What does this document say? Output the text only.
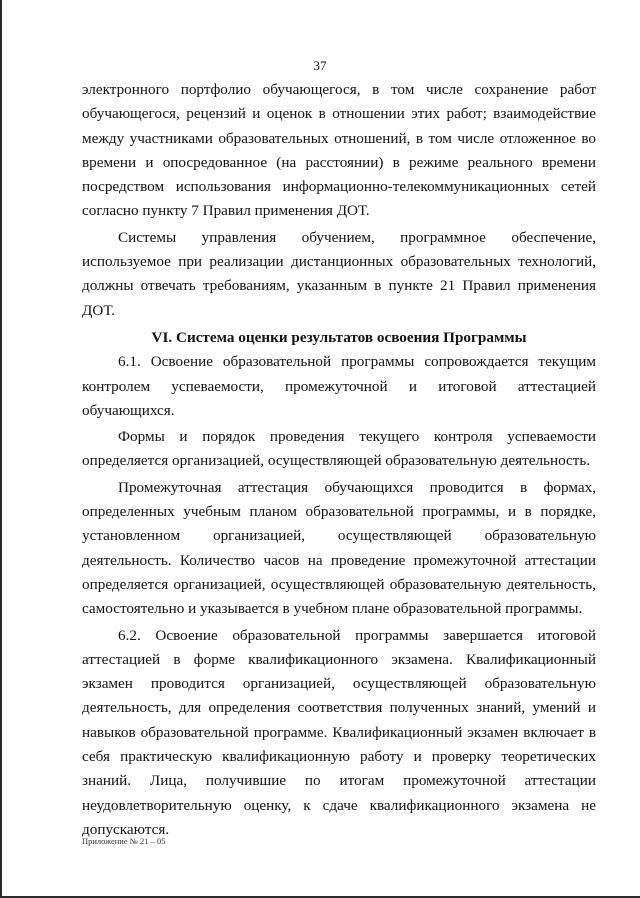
37

электронного портфолио обучающегося, в том числе сохранение работ обучающегося, рецензий и оценок в отношении этих работ; взаимодействие между участниками образовательных отношений, в том числе отложенное во времени и опосредованное (на расстоянии) в режиме реального времени посредством использования информационно-телекоммуникационных сетей согласно пункту 7 Правил применения ДОТ.

Системы управления обучением, программное обеспечение, используемое при реализации дистанционных образовательных технологий, должны отвечать требованиям, указанным в пункте 21 Правил применения ДОТ.

VI. Система оценки результатов освоения Программы

6.1. Освоение образовательной программы сопровождается текущим контролем успеваемости, промежуточной и итоговой аттестацией обучающихся.

Формы и порядок проведения текущего контроля успеваемости определяется организацией, осуществляющей образовательную деятельность.

Промежуточная аттестация обучающихся проводится в формах, определенных учебным планом образовательной программы, и в порядке, установленном организацией, осуществляющей образовательную деятельность. Количество часов на проведение промежуточной аттестации определяется организацией, осуществляющей образовательную деятельность, самостоятельно и указывается в учебном плане образовательной программы.

6.2. Освоение образовательной программы завершается итоговой аттестацией в форме квалификационного экзамена. Квалификационный экзамен проводится организацией, осуществляющей образовательную деятельность, для определения соответствия полученных знаний, умений и навыков образовательной программе. Квалификационный экзамен включает в себя практическую квалификационную работу и проверку теоретических знаний. Лица, получившие по итогам промежуточной аттестации неудовлетворительную оценку, к сдаче квалификационного экзамена не допускаются.

Приложение № 21 – 05
